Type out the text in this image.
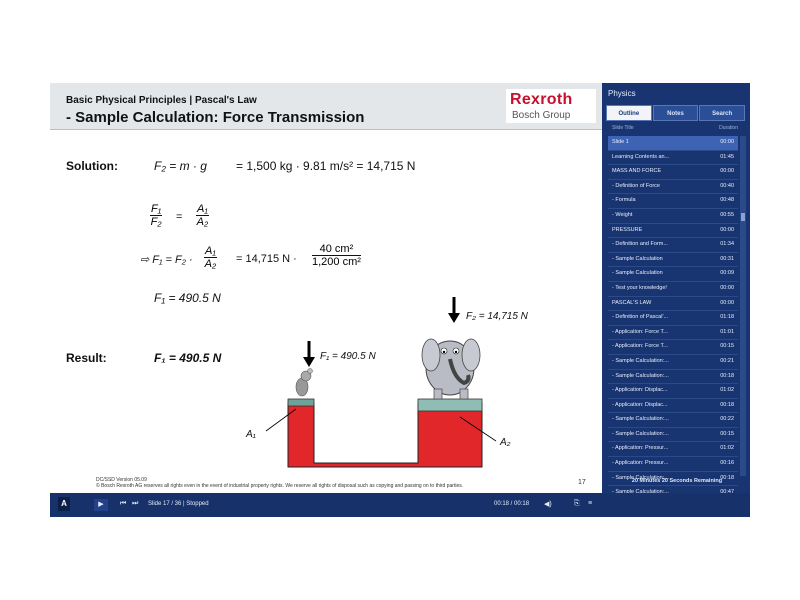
Basic Physical Principles | Pascal's Law
- Sample Calculation: Force Transmission
Rexroth
Bosch Group
Solution:	F₂ = m · g = 1,500 kg · 9.81 m/s² = 14,715 N
$\frac{\text{F₁}}{\text{F₂}} = \frac{\text{A₁}}{\text{A₂}}$
⇨ $F_1 = F_2 \cdot \frac{\text{A₁}}{\text{A₂}} = 14,715$ $N \cdot \frac{\text{40 cm²}}{\text{1,200 cm²}}$
F₁ = 490.5 N
Result:	F₁ = 490.5 N	F₁ = 490.5 N
F₂ = 14,715 N
A₁
A₂
DC/SSD Version 05.09
© Bosch Rexroth AG reserves all rights even in the event of industrial property rights. We reserve all rights of disposal such as copying and passing on to third parties.	17
Physics
Outline	Notes	Search
Slide Title	Duration
Slide 1	00:00
Learning Contents an...	01:45
MASS AND FORCE	00:00
- Definition of Force	00:40
- Formula	00:48
- Weight	00:55
PRESSURE	00:00
- Definition and Form...	01:34
- Sample Calculation	00:31
- Sample Calculation	00:09
- Test your knowledge!	00:00
PASCAL'S LAW	00:00
- Definition of Pascal'...	01:18
- Application: Force T...	01:01
- Application: Force T...	00:15
- Sample Calculation:...	00:21
- Sample Calculation:...	00:18
- Application: Displac...	01:02
- Application: Displac...	00:18
- Sample Calculation:...	00:22
- Sample Calculation:...	00:15
- Application: Pressur...	01:02
- Application: Pressur...	00:16
- Sample Calculation:...	00:18
20 Minutes 20 Seconds Remaining
A	▶	⏮ ⏭ Slide 17 / 36 | Stopped	00:18 / 00:18 ◀)	⎘ ≡
